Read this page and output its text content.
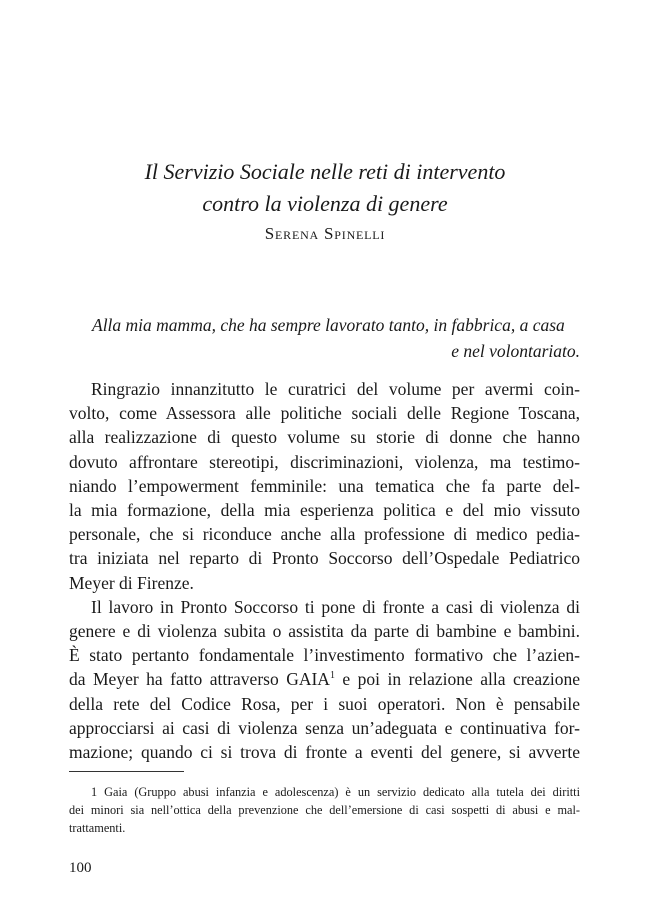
Il Servizio Sociale nelle reti di intervento
contro la violenza di genere
Serena Spinelli
Alla mia mamma, che ha sempre lavorato tanto, in fabbrica, a casa
e nel volontariato.
Ringrazio innanzitutto le curatrici del volume per avermi coin-
volto, come Assessora alle politiche sociali delle Regione Toscana,
alla realizzazione di questo volume su storie di donne che hanno
dovuto affrontare stereotipi, discriminazioni, violenza, ma testimo-
niando l’empowerment femminile: una tematica che fa parte del-
la mia formazione, della mia esperienza politica e del mio vissuto
personale, che si riconduce anche alla professione di medico pedia-
tra iniziata nel reparto di Pronto Soccorso dell’Ospedale Pediatrico
Meyer di Firenze.
Il lavoro in Pronto Soccorso ti pone di fronte a casi di violenza di
genere e di violenza subita o assistita da parte di bambine e bambini.
È stato pertanto fondamentale l’investimento formativo che l’azien-
da Meyer ha fatto attraverso GAIA$^1$ e poi in relazione alla creazione
della rete del Codice Rosa, per i suoi operatori. Non è pensabile
approcciarsi ai casi di violenza senza un’adeguata e continuativa for-
mazione; quando ci si trova di fronte a eventi del genere, si avverte
1 Gaia (Gruppo abusi infanzia e adolescenza) è un servizio dedicato alla tutela dei diritti
dei minori sia nell’ottica della prevenzione che dell’emersione di casi sospetti di abusi e mal-
trattamenti.
100
